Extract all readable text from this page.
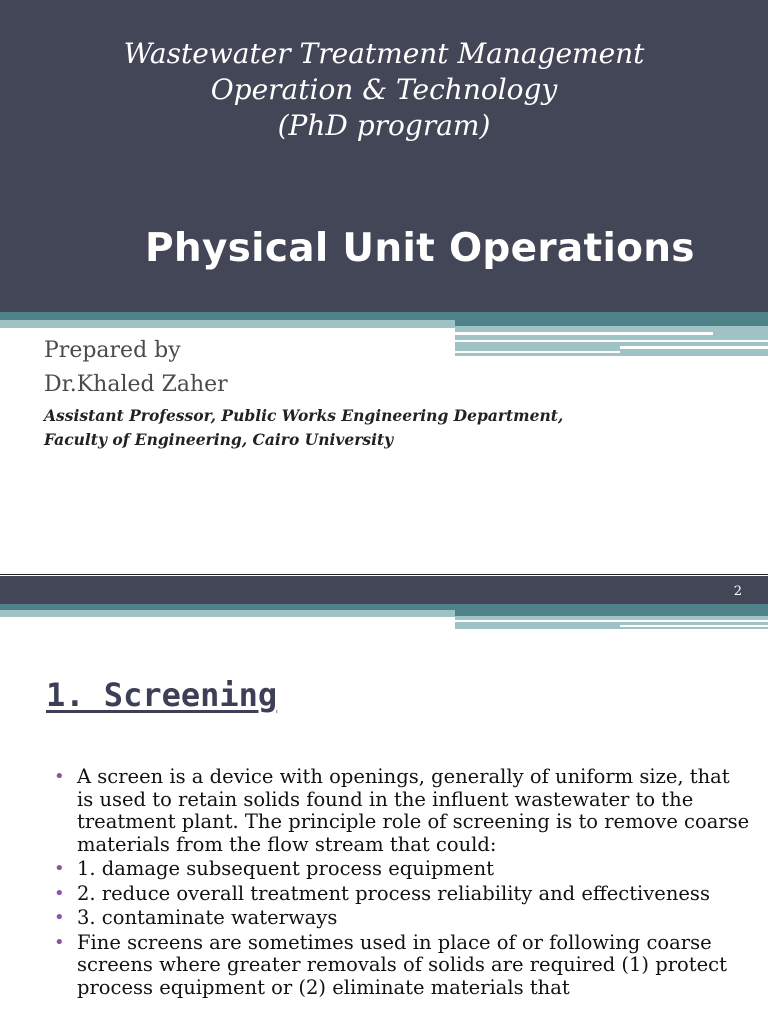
Wastewater Treatment Management
Operation & Technology
(PhD program)
Physical Unit Operations
Prepared by
Dr.Khaled Zaher
Assistant Professor, Public Works Engineering Department,
Faculty of Engineering, Cairo University
2
1. Screening
• A screen is a device with openings, generally of uniform size, that is used to retain solids found in the influent wastewater to the treatment plant. The principle role of screening is to remove coarse materials from the flow stream that could:
• 1. damage subsequent process equipment
• 2. reduce overall treatment process reliability and effectiveness
• 3. contaminate waterways
• Fine screens are sometimes used in place of or following coarse screens where greater removals of solids are required (1) protect process equipment or (2) eliminate materials that
